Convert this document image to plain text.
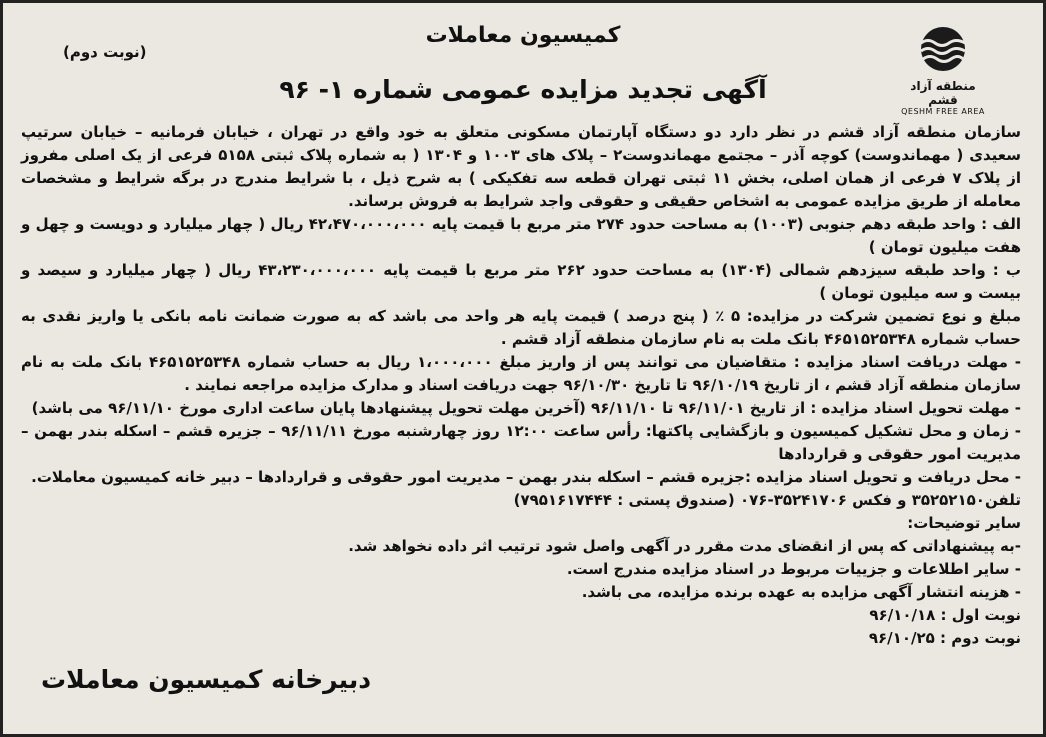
کمیسیون معاملات
(نوبت دوم)
آگهی تجدید مزایده عمومی شماره ۱- ۹۶	منطقه آزاد قشم
QESHM FREE AREA

سازمان منطقه آزاد قشم در نظر دارد دو دستگاه آپارتمان مسکونی متعلق به خود واقع در تهران ، خیابان فرمانیه – خیابان سرتیپ سعیدی ( مهماندوست) کوچه آذر – مجتمع مهماندوست۲ – پلاک های ۱۰۰۳ و ۱۳۰۴ ( به شماره پلاک ثبتی ۵۱۵۸ فرعی از یک اصلی مفروز از پلاک ۷ فرعی از همان اصلی، بخش ۱۱ ثبتی تهران قطعه سه تفکیکی ) به شرح ذیل ، با شرایط مندرج در برگه شرایط و مشخصات معامله از طریق مزایده عمومی به اشخاص حقیقی و حقوقی واجد شرایط به فروش برساند.

الف : واحد طبقه دهم جنوبی (۱۰۰۳) به مساحت حدود ۲۷۴ متر مربع با قیمت پایه ۴۲،۴۷۰،۰۰۰،۰۰۰ ریال ( چهار میلیارد و دویست و چهل و هفت میلیون تومان )

ب : واحد طبقه سیزدهم شمالی (۱۳۰۴) به مساحت حدود ۲۶۲ متر مربع با قیمت پایه ۴۳،۲۳۰،۰۰۰،۰۰۰ ریال ( چهار میلیارد و سیصد و بیست و سه میلیون تومان )

مبلغ و نوع تضمین شرکت در مزایده: ۵ ٪ ( پنج درصد ) قیمت پایه هر واحد می باشد که به صورت ضمانت نامه بانکی یا واریز نقدی به حساب شماره ۴۶۵۱۵۲۵۳۴۸ بانک ملت به نام سازمان منطقه آزاد قشم .

- مهلت دریافت اسناد مزایده : متقاضیان می توانند پس از واریز مبلغ ۱،۰۰۰،۰۰۰ ریال به حساب شماره ۴۶۵۱۵۲۵۳۴۸ بانک ملت به نام سازمان منطقه آزاد قشم ، از تاریخ ۹۶/۱۰/۱۹ تا تاریخ ۹۶/۱۰/۳۰ جهت دریافت اسناد و مدارک مزایده مراجعه نمایند .

- مهلت تحویل اسناد مزایده : از تاریخ ۹۶/۱۱/۰۱ تا ۹۶/۱۱/۱۰ (آخرین مهلت تحویل پیشنهادها پایان ساعت اداری مورخ ۹۶/۱۱/۱۰ می باشد)

- زمان و محل تشکیل کمیسیون و بازگشایی پاکتها: رأس ساعت ۱۲:۰۰ روز چهارشنبه مورخ ۹۶/۱۱/۱۱ – جزیره قشم – اسکله بندر بهمن – مدیریت امور حقوقی و قراردادها

- محل دریافت و تحویل اسناد مزایده :جزیره قشم – اسکله بندر بهمن – مدیریت امور حقوقی و قراردادها – دبیر خانه کمیسیون معاملات.

تلفن۳۵۲۵۲۱۵۰ و فکس ۳۵۲۴۱۷۰۶-۰۷۶ (صندوق پستی : ۷۹۵۱۶۱۷۴۴۴)

سایر توضیحات:

-به پیشنهاداتی که پس از انقضای مدت مقرر در آگهی واصل شود ترتیب اثر داده نخواهد شد.

- سایر اطلاعات و جزییات مربوط در اسناد مزایده مندرج است.

- هزینه انتشار آگهی مزایده به عهده برنده مزایده، می باشد.

نوبت اول : ۹۶/۱۰/۱۸

نوبت دوم : ۹۶/۱۰/۲۵

دبیرخانه کمیسیون معاملات
